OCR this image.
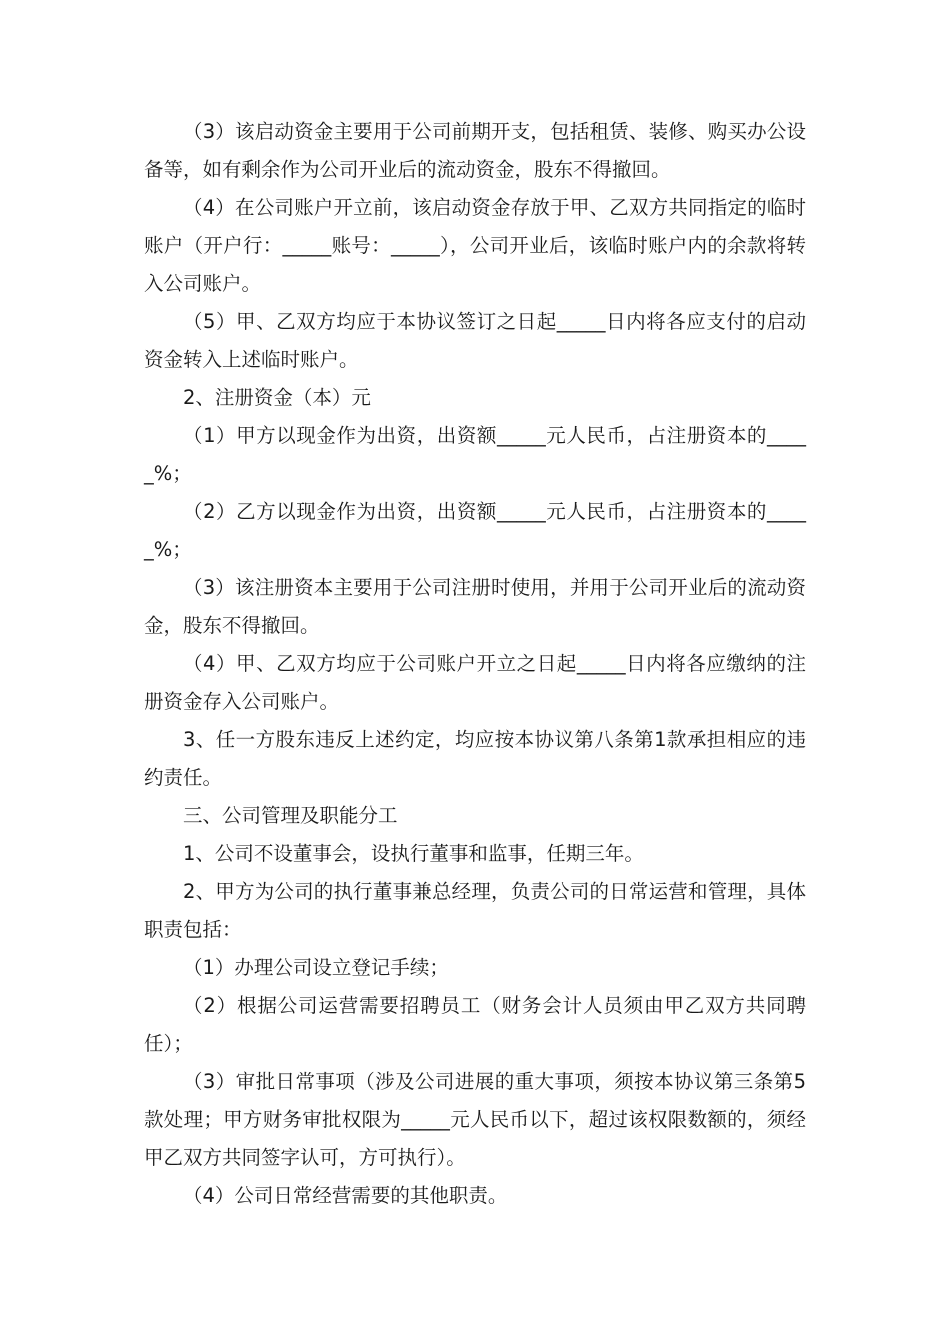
（3）该启动资金主要用于公司前期开支，包括租赁、装修、购买办公设备等，如有剩余作为公司开业后的流动资金，股东不得撤回。

（4）在公司账户开立前，该启动资金存放于甲、乙双方共同指定的临时账户（开户行：_____账号：_____），公司开业后，该临时账户内的余款将转入公司账户。

（5）甲、乙双方均应于本协议签订之日起_____日内将各应支付的启动资金转入上述临时账户。

2、注册资金（本）元

（1）甲方以现金作为出资，出资额_____元人民币，占注册资本的_____%；

（2）乙方以现金作为出资，出资额_____元人民币，占注册资本的_____%；

（3）该注册资本主要用于公司注册时使用，并用于公司开业后的流动资金，股东不得撤回。

（4）甲、乙双方均应于公司账户开立之日起_____日内将各应缴纳的注册资金存入公司账户。

3、任一方股东违反上述约定，均应按本协议第八条第1款承担相应的违约责任。

三、公司管理及职能分工

1、公司不设董事会，设执行董事和监事，任期三年。

2、甲方为公司的执行董事兼总经理，负责公司的日常运营和管理，具体职责包括：

（1）办理公司设立登记手续；

（2）根据公司运营需要招聘员工（财务会计人员须由甲乙双方共同聘任）；

（3）审批日常事项（涉及公司进展的重大事项，须按本协议第三条第5款处理；甲方财务审批权限为_____元人民币以下，超过该权限数额的，须经甲乙双方共同签字认可，方可执行）。

（4）公司日常经营需要的其他职责。
